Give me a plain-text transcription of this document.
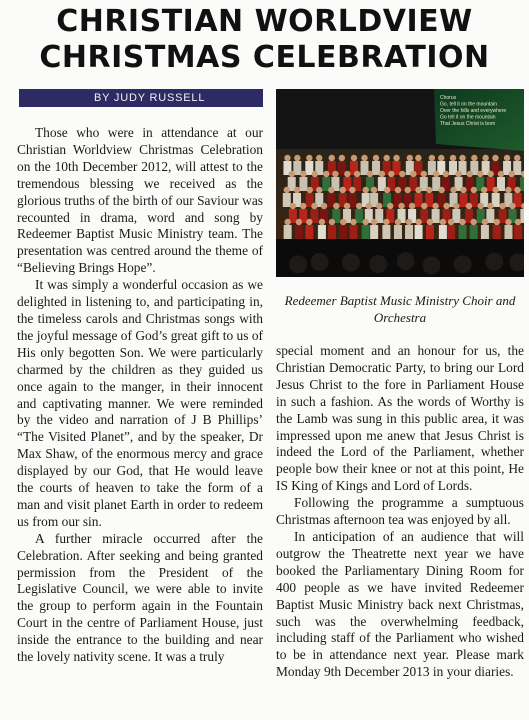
CHRISTIAN WORLDVIEW
CHRISTMAS CELEBRATION
BY JUDY RUSSELL

Those who were in attendance at our Christian Worldview Christmas Celebration on the 10th December 2012, will attest to the tremendous blessing we received as the glorious truths of the birth of our Saviour was recounted in drama, word and song by Redeemer Baptist Music Ministry team. The presentation was centred around the theme of “Believing Brings Hope”.

It was simply a wonderful occasion as we delighted in listening to, and participating in, the timeless carols and Christmas songs with the joyful message of God’s great gift to us of His only begotten Son. We were particularly charmed by the children as they guided us once again to the manger, in their innocent and captivating manner. We were reminded by the video and narration of J B Phillips’ “The Visited Planet”, and by the speaker, Dr Max Shaw, of the enormous mercy and grace displayed by our God, that He would leave the courts of heaven to take the form of a man and visit planet Earth in order to redeem us from our sin.

A further miracle occurred after the Celebration. After seeking and being granted permission from the President of the Legislative Council, we were able to invite the group to perform again in the Fountain Court in the centre of Parliament House, just inside the entrance to the building and near the lovely nativity scene. It was a truly

Chorus
Go, tell it on the mountain
Over the hills and everywhere
Go tell it on the mountain
That Jesus Christ is born
Redeemer Baptist Music Ministry Choir and Orchestra

special moment and an honour for us, the Christian Democratic Party, to bring our Lord Jesus Christ to the fore in Parliament House in such a fashion. As the words of Worthy is the Lamb was sung in this public area, it was impressed upon me anew that Jesus Christ is indeed the Lord of the Parliament, whether people bow their knee or not at this point, He IS King of Kings and Lord of Lords.

Following the programme a sumptuous Christmas afternoon tea was enjoyed by all.

In anticipation of an audience that will outgrow the Theatrette next year we have booked the Parliamentary Dining Room for 400 people as we have invited Redeemer Baptist Music Ministry back next Christmas, such was the overwhelming feedback, including staff of the Parliament who wished to be in attendance next year. Please mark Monday 9th December 2013 in your diaries.
